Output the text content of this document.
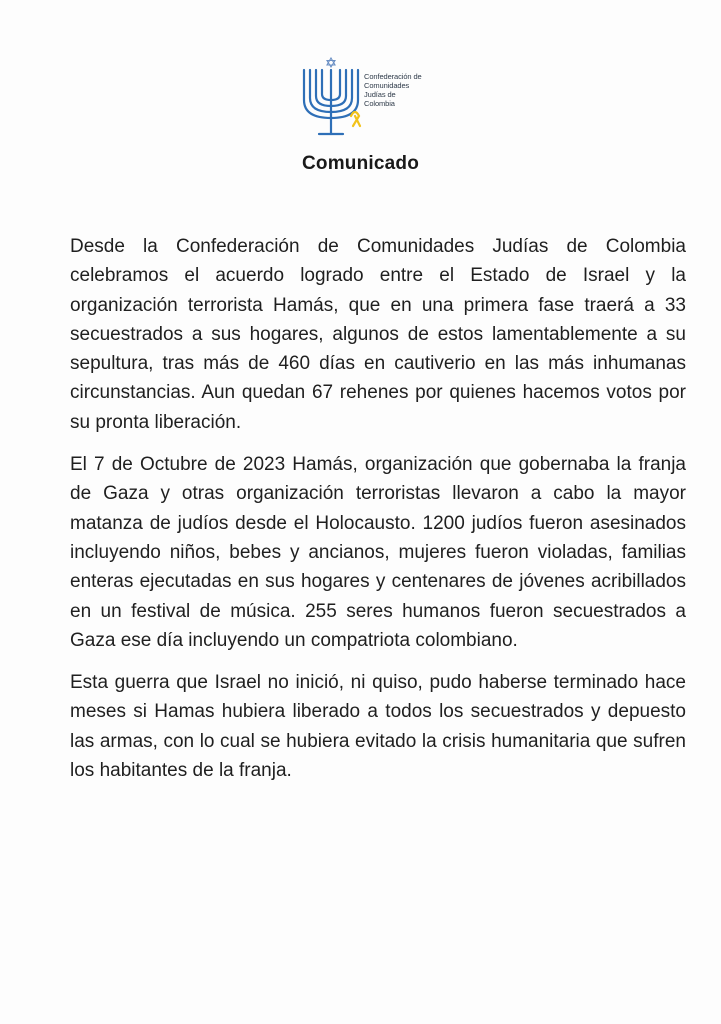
Confederación de
Comunidades
Judías de
Colombia
Comunicado

Desde la Confederación de Comunidades Judías de Colombia celebramos el acuerdo logrado entre el Estado de Israel y la organización terrorista Hamás, que en una primera fase traerá a 33 secuestrados a sus hogares, algunos de estos lamentablemente a su sepultura, tras más de 460 días en cautiverio en las más inhumanas circunstancias. Aun quedan 67 rehenes por quienes hacemos votos por su pronta liberación.

El 7 de Octubre de 2023 Hamás, organización que gobernaba la franja de Gaza y otras organización terroristas llevaron a cabo la mayor matanza de judíos desde el Holocausto. 1200 judíos fueron asesinados incluyendo niños, bebes y ancianos, mujeres fueron violadas, familias enteras ejecutadas en sus hogares y centenares de jóvenes acribillados en un festival de música. 255 seres humanos fueron secuestrados a Gaza ese día incluyendo un compatriota colombiano.

Esta guerra que Israel no inició, ni quiso, pudo haberse terminado hace meses si Hamas hubiera liberado a todos los secuestrados y depuesto las armas, con lo cual se hubiera evitado la crisis humanitaria que sufren los habitantes de la franja.
